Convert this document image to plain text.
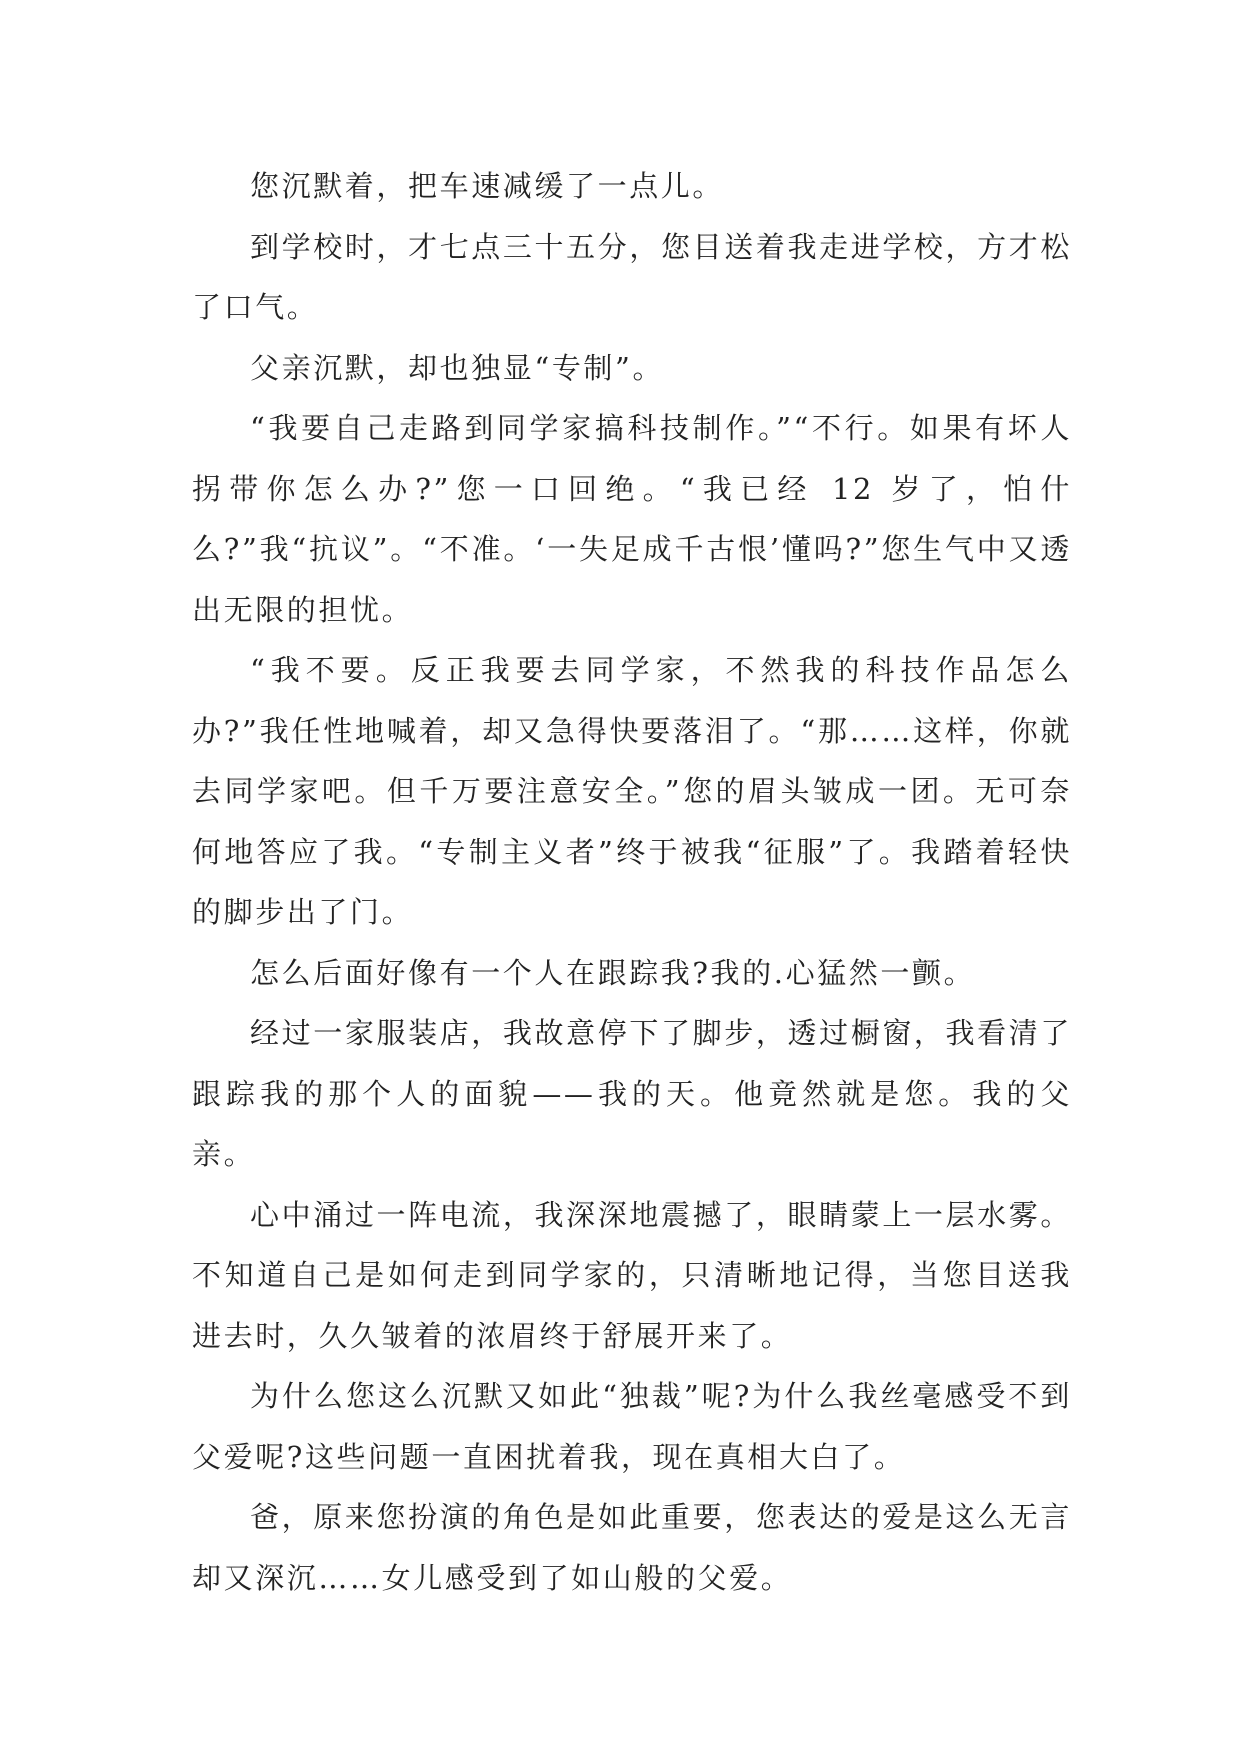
您沉默着，把车速减缓了一点儿。

到学校时，才七点三十五分，您目送着我走进学校，方才松了口气。

父亲沉默，却也独显“专制”。

“我要自己走路到同学家搞科技制作。”“不行。如果有坏人拐带你怎么办?”您一口回绝。“我已经 12 岁了，怕什么?”我“抗议”。“不准。‘一失足成千古恨’懂吗?”您生气中又透出无限的担忧。

“我不要。反正我要去同学家，不然我的科技作品怎么办?”我任性地喊着，却又急得快要落泪了。“那……这样，你就去同学家吧。但千万要注意安全。”您的眉头皱成一团。无可奈何地答应了我。“专制主义者”终于被我“征服”了。我踏着轻快的脚步出了门。

怎么后面好像有一个人在跟踪我?我的.心猛然一颤。

经过一家服装店，我故意停下了脚步，透过橱窗，我看清了跟踪我的那个人的面貌——我的天。他竟然就是您。我的父亲。

心中涌过一阵电流，我深深地震撼了，眼睛蒙上一层水雾。不知道自己是如何走到同学家的，只清晰地记得，当您目送我进去时，久久皱着的浓眉终于舒展开来了。

为什么您这么沉默又如此“独裁”呢?为什么我丝毫感受不到父爱呢?这些问题一直困扰着我，现在真相大白了。

爸，原来您扮演的角色是如此重要，您表达的爱是这么无言却又深沉……女儿感受到了如山般的父爱。
